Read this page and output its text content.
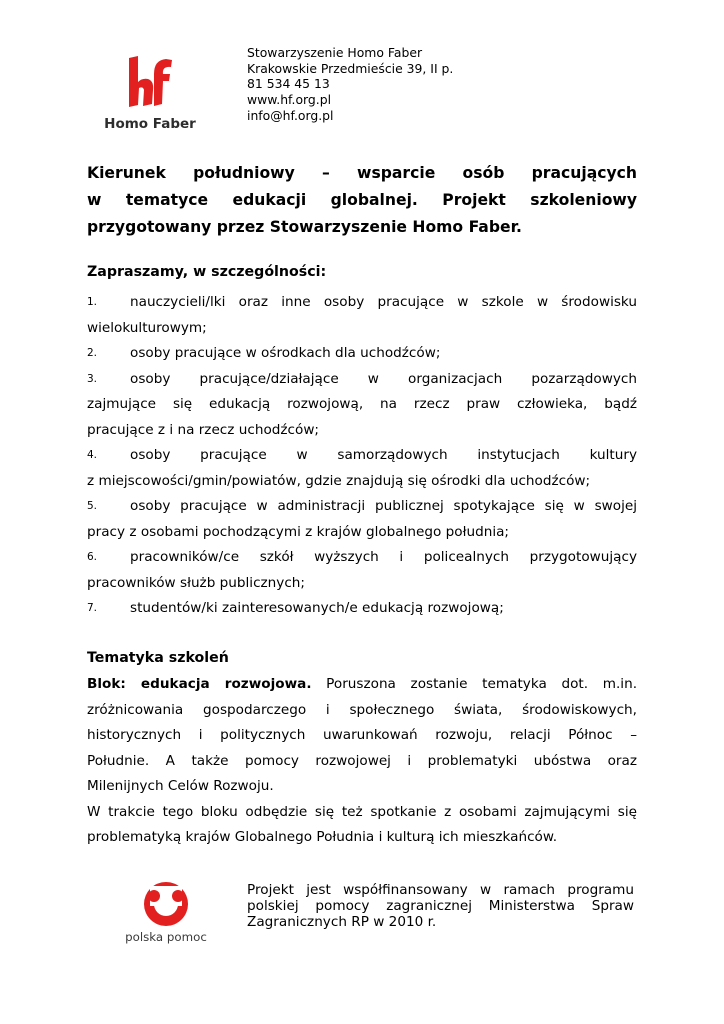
Homo Faber
Stowarzyszenie Homo Faber
Krakowskie Przedmieście 39, II p.
81 534 45 13
www.hf.org.pl
info@hf.org.pl
Kierunek południowy – wsparcie osób pracujących
w tematyce edukacji globalnej. Projekt szkoleniowy
przygotowany przez Stowarzyszenie Homo Faber.
Zapraszamy, w szczególności:
1.	nauczycieli/lki oraz inne osoby pracujące w szkole w środowisku
wielokulturowym;
2.	osoby pracujące w ośrodkach dla uchodźców;
3.	osoby pracujące/działające w organizacjach pozarządowych
zajmujące się edukacją rozwojową, na rzecz praw człowieka, bądź
pracujące z i na rzecz uchodźców;
4.	osoby pracujące w samorządowych instytucjach kultury
z miejscowości/gmin/powiatów, gdzie znajdują się ośrodki dla uchodźców;
5.	osoby pracujące w administracji publicznej spotykające się w swojej
pracy z osobami pochodzącymi z krajów globalnego południa;
6.	pracowników/ce szkół wyższych i policealnych przygotowujący
pracowników służb publicznych;
7.	studentów/ki zainteresowanych/e edukacją rozwojową;
Tematyka szkoleń
Blok: edukacja rozwojowa. Poruszona zostanie tematyka dot. m.in.
zróżnicowania gospodarczego i społecznego świata, środowiskowych,
historycznych i politycznych uwarunkowań rozwoju, relacji Północ –
Południe. A także pomocy rozwojowej i problematyki ubóstwa oraz
Milenijnych Celów Rozwoju.
W trakcie tego bloku odbędzie się też spotkanie z osobami zajmującymi się
problematyką krajów Globalnego Południa i kulturą ich mieszkańców.
polska pomoc
Projekt jest współfinansowany w ramach programu
polskiej pomocy zagranicznej Ministerstwa Spraw
Zagranicznych RP w 2010 r.
